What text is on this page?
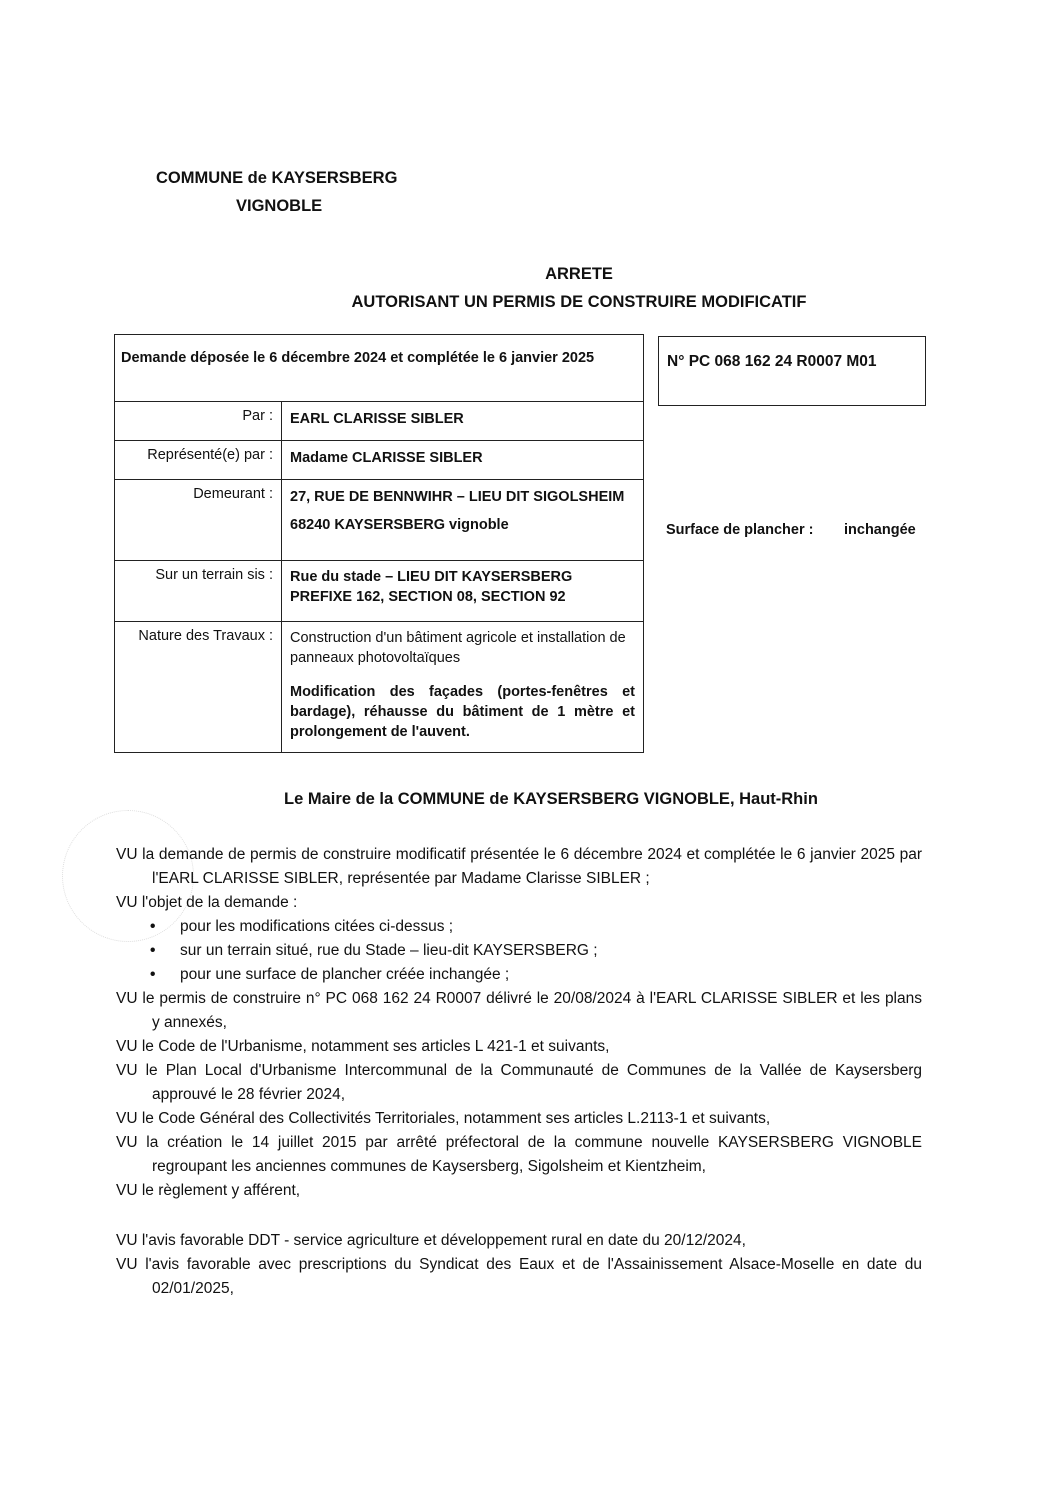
COMMUNE de KAYSERSBERG
VIGNOBLE
ARRETE
AUTORISANT UN PERMIS DE CONSTRUIRE MODIFICATIF
Demande déposée le 6 décembre 2024 et complétée le 6 janvier 2025	
Par :	EARL CLARISSE SIBLER
Représenté(e) par :	Madame CLARISSE SIBLER
Demeurant :	27, RUE DE BENNWIHR – LIEU DIT SIGOLSHEIM
68240 KAYSERSBERG vignoble

Sur un terrain sis :	Rue du stade – LIEU DIT KAYSERSBERG
PREFIXE 162, SECTION 08, SECTION 92

Nature des Travaux :	Construction d'un bâtiment agricole et installation de panneaux photovoltaïques
Modification des façades (portes-fenêtres et bardage), réhausse du bâtiment de 1 mètre et prolongement de l'auvent.
N° PC 068 162 24 R0007 M01
Surface de plancher : inchangée
Le Maire de la COMMUNE de KAYSERSBERG VIGNOBLE, Haut-Rhin

VU la demande de permis de construire modificatif présentée le 6 décembre 2024 et complétée le 6 janvier 2025 par l'EARL CLARISSE SIBLER, représentée par Madame Clarisse SIBLER ;

VU l'objet de la demande :

• pour les modifications citées ci-dessus ;
• sur un terrain situé, rue du Stade – lieu-dit KAYSERSBERG ;
• pour une surface de plancher créée inchangée ;

VU le permis de construire n° PC 068 162 24 R0007 délivré le 20/08/2024 à l'EARL CLARISSE SIBLER et les plans y annexés,

VU le Code de l'Urbanisme, notamment ses articles L 421-1 et suivants,

VU le Plan Local d'Urbanisme Intercommunal de la Communauté de Communes de la Vallée de Kaysersberg approuvé le 28 février 2024,

VU le Code Général des Collectivités Territoriales, notamment ses articles L.2113-1 et suivants,

VU la création le 14 juillet 2015 par arrêté préfectoral de la commune nouvelle KAYSERSBERG VIGNOBLE regroupant les anciennes communes de Kaysersberg, Sigolsheim et Kientzheim,

VU le règlement y afférent,

VU l'avis favorable DDT - service agriculture et développement rural en date du 20/12/2024,

VU l'avis favorable avec prescriptions du Syndicat des Eaux et de l'Assainissement Alsace-Moselle en date du 02/01/2025,
